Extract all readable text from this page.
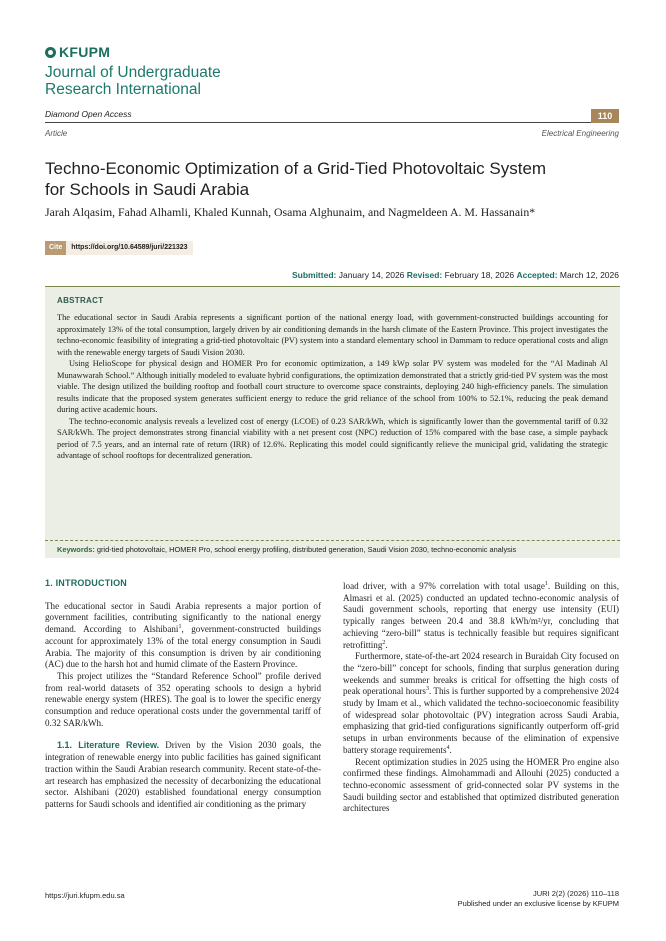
KFUPM
Journal of Undergraduate
Research International
Diamond Open Access	110
Article	Electrical Engineering
Techno-Economic Optimization of a Grid-Tied Photovoltaic System
for Schools in Saudi Arabia
Jarah Alqasim, Fahad Alhamli, Khaled Kunnah, Osama Alghunaim, and Nagmeldeen A. M. Hassanain*
Cite	https://doi.org/10.64589/juri/221323
Submitted: January 14, 2026 Revised: February 18, 2026 Accepted: March 12, 2026
ABSTRACT

The educational sector in Saudi Arabia represents a significant portion of the national energy load, with government-constructed buildings accounting for approximately 13% of the total consumption, largely driven by air conditioning demands in the harsh climate of the Eastern Province. This project investigates the techno-economic feasibility of integrating a grid-tied photovoltaic (PV) system into a standard elementary school in Dammam to reduce operational costs and align with the renewable energy targets of Saudi Vision 2030.

Using HelioScope for physical design and HOMER Pro for economic optimization, a 149 kWp solar PV system was modeled for the “Al Madinah Al Munawwarah School.” Although initially modeled to evaluate hybrid configurations, the optimization demonstrated that a strictly grid-tied PV system was the most viable. The design utilized the building rooftop and football court structure to overcome space constraints, deploying 240 high-efficiency panels. The simulation results indicate that the proposed system generates sufficient energy to reduce the grid reliance of the school from 100% to 52.1%, reducing the peak demand during active academic hours.

The techno-economic analysis reveals a levelized cost of energy (LCOE) of 0.23 SAR/kWh, which is significantly lower than the governmental tariff of 0.32 SAR/kWh. The project demonstrates strong financial viability with a net present cost (NPC) reduction of 15% compared with the base case, a simple payback period of 7.5 years, and an internal rate of return (IRR) of 12.6%. Replicating this model could significantly relieve the municipal grid, validating the strategic advantage of school rooftops for decentralized generation.

Keywords: grid-tied photovoltaic, HOMER Pro, school energy profiling, distributed generation, Saudi Vision 2030, techno-economic analysis
1. INTRODUCTION

The educational sector in Saudi Arabia represents a major portion of government facilities, contributing significantly to the national energy demand. According to Alshibani$^1$, government-constructed buildings account for approximately 13% of the total energy consumption in Saudi Arabia. The majority of this consumption is driven by air conditioning (AC) due to the harsh hot and humid climate of the Eastern Province.

This project utilizes the “Standard Reference School” profile derived from real-world datasets of 352 operating schools to design a hybrid renewable energy system (HRES). The goal is to lower the specific energy consumption and reduce operational costs under the governmental tariff of 0.32 SAR/kWh.

1.1. Literature Review. Driven by the Vision 2030 goals, the integration of renewable energy into public facilities has gained significant traction within the Saudi Arabian research community. Recent state-of-the-art research has emphasized the necessity of decarbonizing the educational sector. Alshibani (2020) established foundational energy consumption patterns for Saudi schools and identified air conditioning as the primary

load driver, with a 97% correlation with total usage$^1$. Building on this, Almasri et al. (2025) conducted an updated techno-economic analysis of Saudi government schools, reporting that energy use intensity (EUI) typically ranges between 20.4 and 38.8 kWh/m²/yr, concluding that achieving “zero-bill” status is technically feasible but requires significant retrofitting$^2$.

Furthermore, state-of-the-art 2024 research in Buraidah City focused on the “zero-bill” concept for schools, finding that surplus generation during weekends and summer breaks is critical for offsetting the high costs of peak operational hours$^3$. This is further supported by a comprehensive 2024 study by Imam et al., which validated the techno-socioeconomic feasibility of widespread solar photovoltaic (PV) integration across Saudi Arabia, emphasizing that grid-tied configurations significantly outperform off-grid setups in urban environments because of the elimination of expensive battery storage requirements$^4$.

Recent optimization studies in 2025 using the HOMER Pro engine also confirmed these findings. Almohammadi and Allouhi (2025) conducted a techno-economic assessment of grid-connected solar PV systems in the Saudi building sector and established that optimized distributed generation architectures

https://juri.kfupm.edu.sa	JURI 2(2) (2026) 110–118
Published under an exclusive license by KFUPM
